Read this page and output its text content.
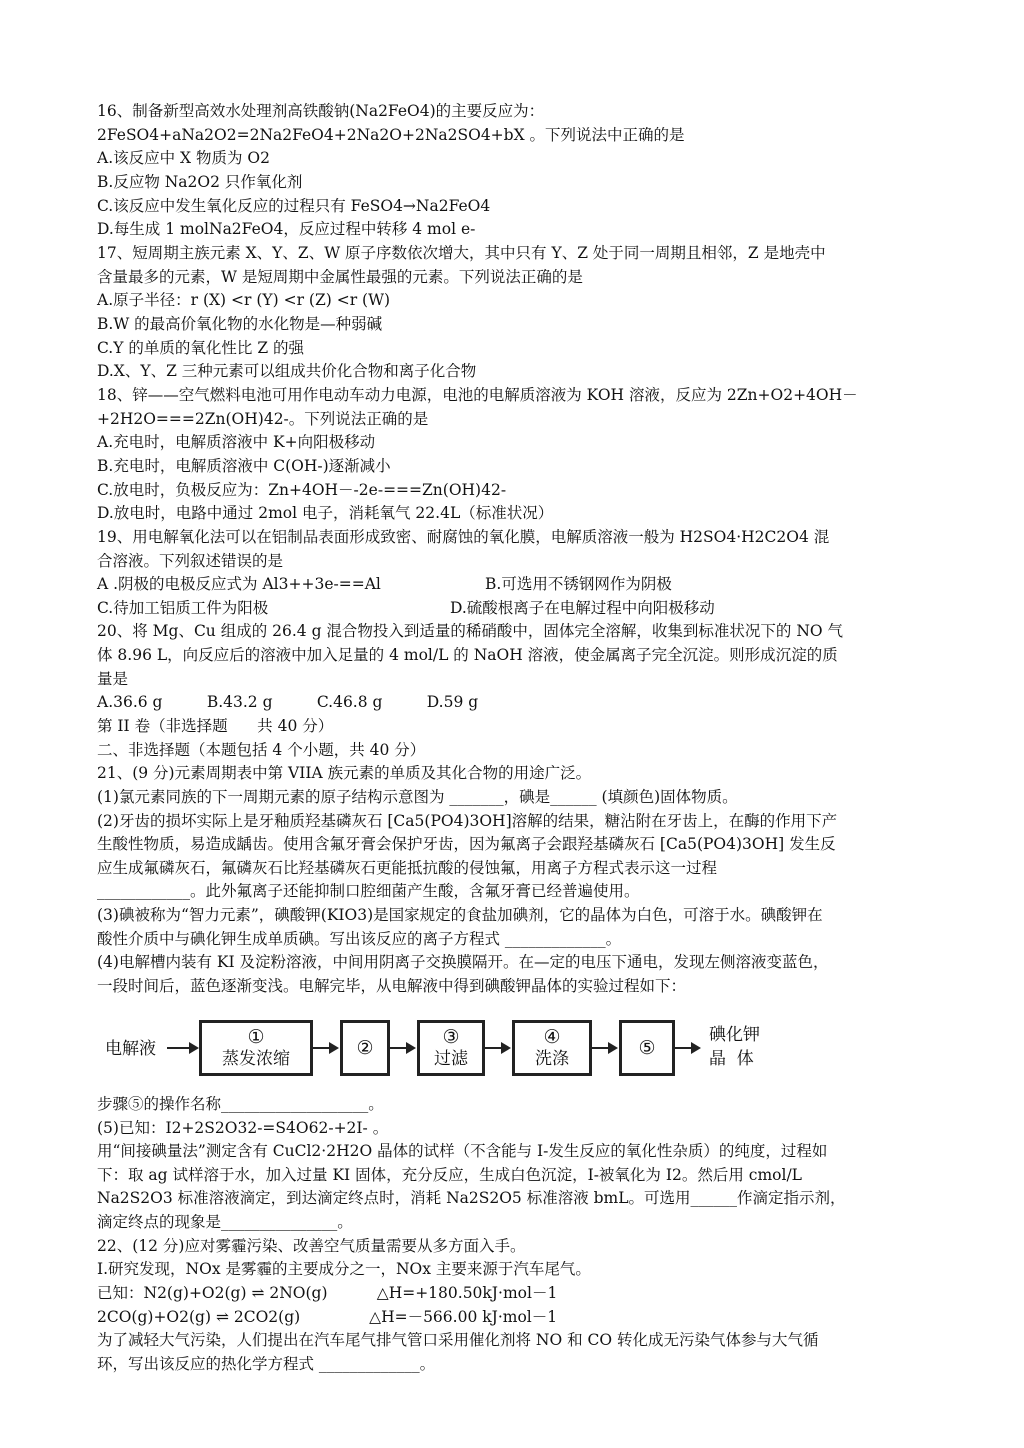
16、制备新型高效水处理剂高铁酸钠(Na2FeO4)的主要反应为：
2FeSO4+aNa2O2=2Na2FeO4+2Na2O+2Na2SO4+bX 。下列说法中正确的是
A.该反应中 X 物质为 O2
B.反应物 Na2O2 只作氧化剂
C.该反应中发生氧化反应的过程只有 FeSO4→Na2FeO4
D.每生成 1 molNa2FeO4，反应过程中转移 4 mol e-
17、短周期主族元素 X、Y、Z、W 原子序数依次增大，其中只有 Y、Z 处于同一周期且相邻，Z 是地壳中
含量最多的元素，W 是短周期中金属性最强的元素。下列说法正确的是
A.原子半径：r (X) <r (Y) <r (Z) <r (W)
B.W 的最高价氧化物的水化物是—种弱碱
C.Y 的单质的氧化性比 Z 的强
D.X、Y、Z 三种元素可以组成共价化合物和离子化合物
18、锌——空气燃料电池可用作电动车动力电源，电池的电解质溶液为 KOH 溶液，反应为 2Zn+O2+4OH－
+2H2O===2Zn(OH)42-。下列说法正确的是
A.充电时，电解质溶液中 K+向阳极移动
B.充电时，电解质溶液中 C(OH-)逐渐减小
C.放电时，负极反应为：Zn+4OH－-2e-===Zn(OH)42-
D.放电时，电路中通过 2mol 电子，消耗氧气 22.4L（标准状况）
19、用电解氧化法可以在铝制品表面形成致密、耐腐蚀的氧化膜，电解质溶液一般为 H2SO4·H2C2O4 混
合溶液。下列叙述错误的是
A .阴极的电极反应式为 Al3++3e-==Al	B.可选用不锈钢网作为阴极
C.待加工铝质工件为阳极	D.硫酸根离子在电解过程中向阳极移动
20、将 Mg、Cu 组成的 26.4 g 混合物投入到适量的稀硝酸中，固体完全溶解，收集到标准状况下的 NO 气
体 8.96 L，向反应后的溶液中加入足量的 4 mol/L 的 NaOH 溶液，使金属离子完全沉淀。则形成沉淀的质
量是
A.36.6 g         B.43.2 g         C.46.8 g         D.59 g
第 II 卷（非选择题      共 40 分）
二、非选择题（本题包括 4 个小题，共 40 分）
21、(9 分)元素周期表中第 VIIA 族元素的单质及其化合物的用途广泛。
(1)氯元素同族的下一周期元素的原子结构示意图为 _______，碘是______ (填颜色)固体物质。
(2)牙齿的损坏实际上是牙釉质羟基磷灰石 [Ca5(PO4)3OH]溶解的结果，糖沾附在牙齿上，在酶的作用下产
生酸性物质，易造成龋齿。使用含氟牙膏会保护牙齿，因为氟离子会跟羟基磷灰石 [Ca5(PO4)3OH] 发生反
应生成氟磷灰石，氟磷灰石比羟基磷灰石更能抵抗酸的侵蚀氟，用离子方程式表示这一过程
____________。此外氟离子还能抑制口腔细菌产生酸，含氟牙膏已经普遍使用。
(3)碘被称为“智力元素”，碘酸钾(KIO3)是国家规定的食盐加碘剂，它的晶体为白色，可溶于水。碘酸钾在
酸性介质中与碘化钾生成单质碘。写出该反应的离子方程式 _____________。
(4)电解槽内装有 KI 及淀粉溶液，中间用阴离子交换膜隔开。在—定的电压下通电，发现左侧溶液变蓝色，
一段时间后，蓝色逐渐变浅。电解完毕，从电解液中得到碘酸钾晶体的实验过程如下：
电解液
①
蒸发浓缩	②	③
过滤
④
洗涤	⑤
碘化钾
晶  体
步骤⑤的操作名称___________________。
(5)已知：I2+2S2O32-=S4O62-+2I- 。
用“间接碘量法”测定含有 CuCl2·2H2O 晶体的试样（不含能与 I-发生反应的氧化性杂质）的纯度，过程如
下：取 ag 试样溶于水，加入过量 KI 固体，充分反应，生成白色沉淀，I-被氧化为 I2。然后用 cmol/L
Na2S2O3 标准溶液滴定，到达滴定终点时，消耗 Na2S2O5 标准溶液 bmL。可选用______作滴定指示剂，
滴定终点的现象是_______________。
22、(12 分)应对雾霾污染、改善空气质量需要从多方面入手。
I.研究发现，NOx 是雾霾的主要成分之一，NOx 主要来源于汽车尾气。
已知：N2(g)+O2(g) ⇌ 2NO(g)          △H=+180.50kJ·mol－1
2CO(g)+O2(g) ⇌ 2CO2(g)              △H=－566.00 kJ·mol－1
为了减轻大气污染，人们提出在汽车尾气排气管口采用催化剂将 NO 和 CO 转化成无污染气体参与大气循
环，写出该反应的热化学方程式 _____________。
